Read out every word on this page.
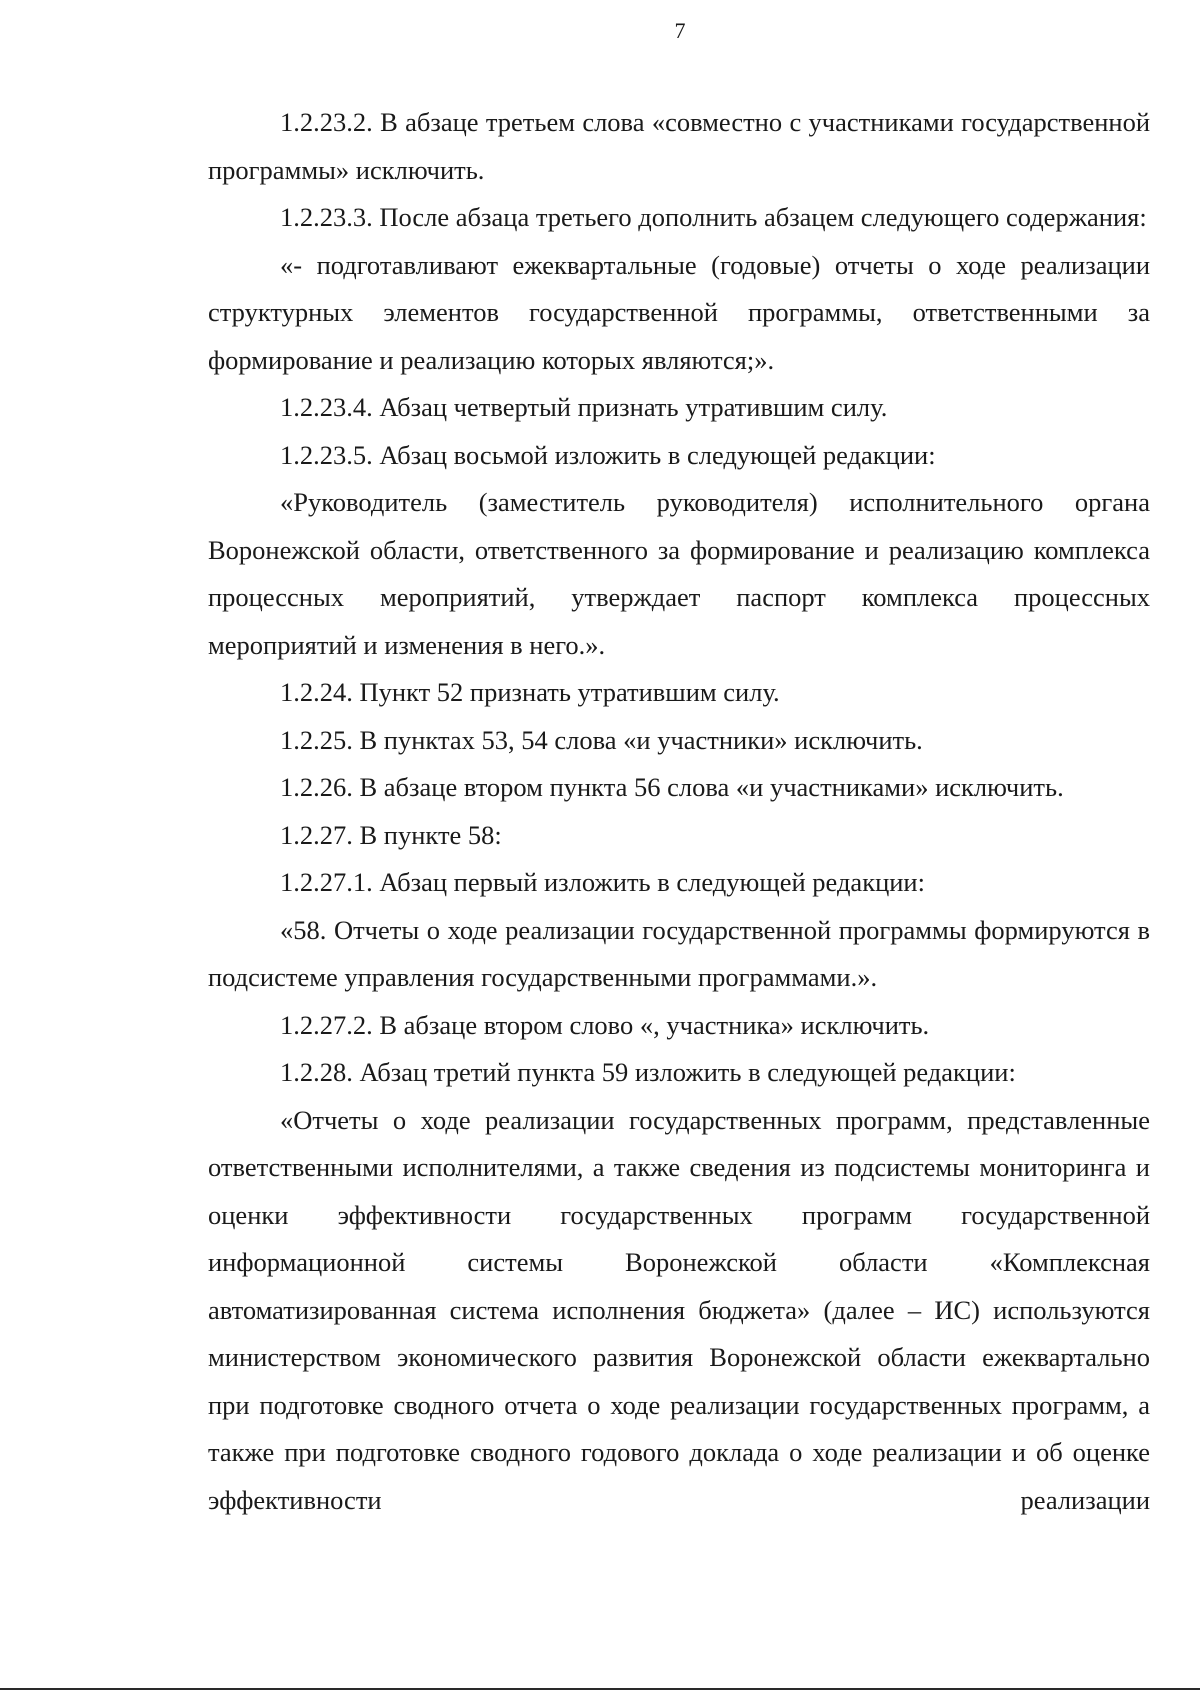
7

1.2.23.2. В абзаце третьем слова «совместно с участниками государственной программы» исключить.

1.2.23.3. После абзаца третьего дополнить абзацем следующего содержания:

«- подготавливают ежеквартальные (годовые) отчеты о ходе реализации структурных элементов государственной программы, ответственными за формирование и реализацию которых являются;».

1.2.23.4. Абзац четвертый признать утратившим силу.

1.2.23.5. Абзац восьмой изложить в следующей редакции:

«Руководитель (заместитель руководителя) исполнительного органа Воронежской области, ответственного за формирование и реализацию комплекса процессных мероприятий, утверждает паспорт комплекса процессных мероприятий и изменения в него.».

1.2.24. Пункт 52 признать утратившим силу.

1.2.25. В пунктах 53, 54 слова «и участники» исключить.

1.2.26. В абзаце втором пункта 56 слова «и участниками» исключить.

1.2.27. В пункте 58:

1.2.27.1. Абзац первый изложить в следующей редакции:

«58. Отчеты о ходе реализации государственной программы формируются в подсистеме управления государственными программами.».

1.2.27.2. В абзаце втором слово «, участника» исключить.

1.2.28. Абзац третий пункта 59 изложить в следующей редакции:

«Отчеты о ходе реализации государственных программ, представленные ответственными исполнителями, а также сведения из подсистемы мониторинга и оценки эффективности государственных программ государственной информационной системы Воронежской области «Комплексная автоматизированная система исполнения бюджета» (далее – ИС) используются министерством экономического развития Воронежской области ежеквартально при подготовке сводного отчета о ходе реализации государственных программ, а также при подготовке сводного годового доклада о ходе реализации и об оценке эффективности реализации
